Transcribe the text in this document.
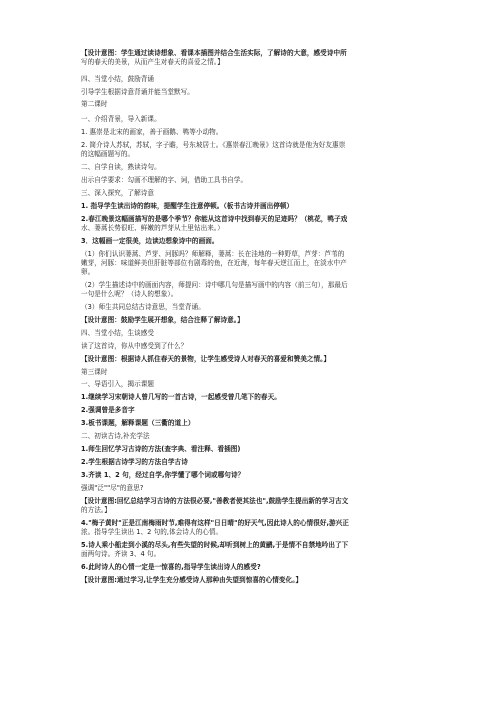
【设计意图：学生通过读诗想象、看课本插图并结合生活实际，了解诗的大意，感受诗中所
写的春天的美景，从而产生对春天的喜爱之情。】
四、当堂小结，鼓励背诵
引导学生根据诗意背诵并能当堂默写。
第二课时
一、介绍背景，导入新课。
1. 惠崇是北宋的画家，善于画鹅、鸭等小动物。
2. 简介诗人苏轼，苏轼，字子瞻，号东坡居士。《惠崇春江晚景》这首诗就是他为好友惠崇
的这幅画题写的。
二、自学自读，熟读诗句。
出示自学要求：勾画不理解的字、词，借助工具书自学。
三、深入探究，了解诗意
1. 指导学生读出诗的韵味，提醒学生注意停顿。（板书古诗并画出停顿）
2.春江晚景这幅画描写的是哪个季节？你能从这首诗中找到春天的足迹吗？（桃花，鸭子戏
水、蒌蒿长势很旺、鲜嫩的芦芽从土里钻出来。）
3．这幅画一定很美，边读边想象诗中的画面。
（1）你们认识蒌蒿、芦芽、河豚吗？师解释，蒌蒿：长在洼地的一种野草，芦芽：芦苇的
嫩芽，河豚：味道鲜美但肝脏等部位有剧毒的鱼，在近海，每年春天逆江而上，在淡水中产
卵。
（2）学生描述诗中的画面内容，师提问：诗中哪几句是描写画中的内容（前三句），那最后
一句是什么呢？（诗人的想象）。
（3）师生共同总结古诗意思，当堂背诵。
【设计意图：鼓励学生展开想象，结合注释了解诗意。】
四、当堂小结，生谈感受
读了这首诗，你从中感受到了什么？
【设计意图：根据诗人抓住春天的景物，让学生感受诗人对春天的喜爱和赞美之情。】
第三课时
一、导语引入，揭示课题
1.继续学习宋朝诗人曾几写的一首古诗，一起感受曾几笔下的春天。
2.强调曾是多音字
3.板书课题，解释课题（三衢的道上）
二、初读古诗,补充学法
1.师生回忆学习古诗的方法(查字典、看注释、看插图)
2.学生根据古诗学习的方法自学古诗
3.齐读 1、2 句，经过自学,你学懂了哪个词或哪句诗？
强调"泛""尽"的意思?
【设计意图:回忆总结学习古诗的方法很必要,"善教者使其法也",鼓励学生提出新的学习古文
的方法。】
4."梅子黄时"正是江南梅雨时节,难得有这样"日日晴"的好天气,因此诗人的心情很好,游兴正
浓。指导学生读出 1、2 句的,体会诗人的心情。
5.诗人乘小船走到小溪的尽头,有些失望的时候,却听到树上的黄鹂,于是情不自禁地吟出了下
面两句诗。齐读 3、4 句。
6.此时诗人的心情一定是一惊喜的,指导学生读出诗人的感受?
【设计意图:通过学习,让学生充分感受诗人那种由失望到惊喜的心情变化。】
